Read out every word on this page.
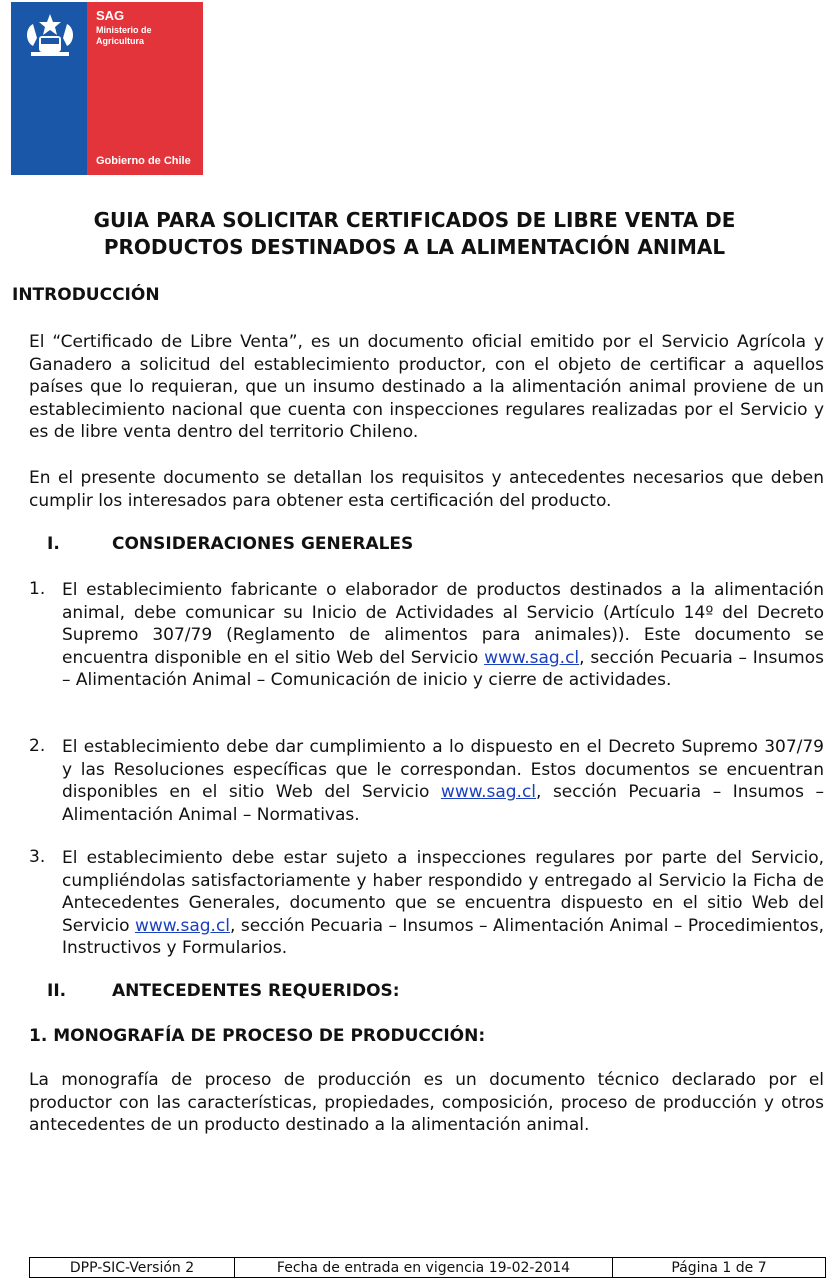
SAG
Ministerio de Agricultura
Gobierno de Chile
GUIA PARA SOLICITAR CERTIFICADOS DE LIBRE VENTA DE
PRODUCTOS DESTINADOS A LA ALIMENTACIÓN ANIMAL
INTRODUCCIÓN
El “Certificado de Libre Venta”, es un documento oficial emitido por el Servicio Agrícola y Ganadero a solicitud del establecimiento productor, con el objeto de certificar a aquellos países que lo requieran, que un insumo destinado a la alimentación animal proviene de un establecimiento nacional que cuenta con inspecciones regulares realizadas por el Servicio y es de libre venta dentro del territorio Chileno.
En el presente documento se detallan los requisitos y antecedentes necesarios que deben cumplir los interesados para obtener esta certificación del producto.
I.	CONSIDERACIONES GENERALES
1. El establecimiento fabricante o elaborador de productos destinados a la alimentación animal, debe comunicar su Inicio de Actividades al Servicio (Artículo 14º del Decreto Supremo 307/79 (Reglamento de alimentos para animales)). Este documento se encuentra disponible en el sitio Web del Servicio www.sag.cl, sección Pecuaria – Insumos – Alimentación Animal – Comunicación de inicio y cierre de actividades.
2. El establecimiento debe dar cumplimiento a lo dispuesto en el Decreto Supremo 307/79 y las Resoluciones específicas que le correspondan. Estos documentos se encuentran disponibles en el sitio Web del Servicio www.sag.cl, sección Pecuaria – Insumos – Alimentación Animal – Normativas.
3. El establecimiento debe estar sujeto a inspecciones regulares por parte del Servicio, cumpliéndolas satisfactoriamente y haber respondido y entregado al Servicio la Ficha de Antecedentes Generales, documento que se encuentra dispuesto en el sitio Web del Servicio www.sag.cl, sección Pecuaria – Insumos – Alimentación Animal – Procedimientos, Instructivos y Formularios.
II.	ANTECEDENTES REQUERIDOS:
1. MONOGRAFÍA DE PROCESO DE PRODUCCIÓN:
La monografía de proceso de producción es un documento técnico declarado por el productor con las características, propiedades, composición, proceso de producción y otros antecedentes de un producto destinado a la alimentación animal.
DPP-SIC-Versión 2	Fecha de entrada en vigencia 19-02-2014	Página 1 de 7
